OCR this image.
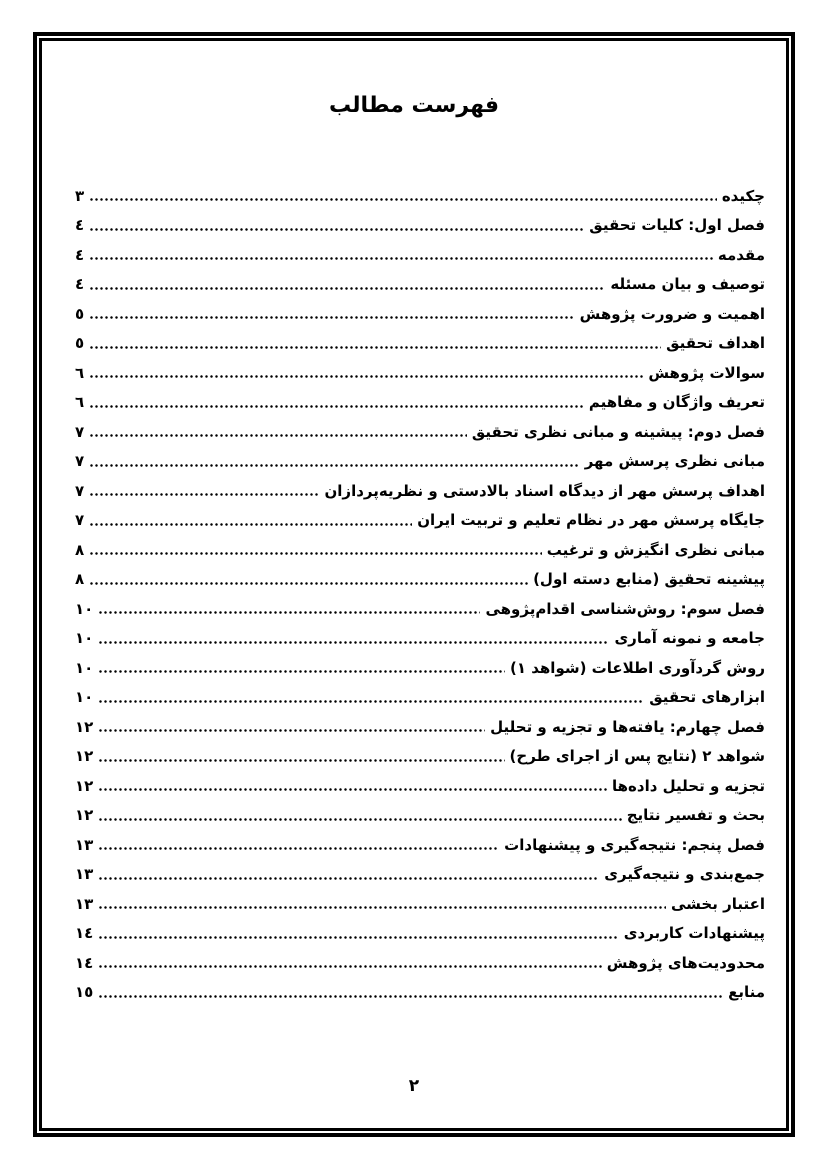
فهرست مطالب
چکیده
٣
فصل اول: کلیات تحقیق
٤
مقدمه
٤
توصیف و بیان مسئله
٤
اهمیت و ضرورت پژوهش
٥
اهداف تحقیق
٥
سوالات پژوهش
٦
تعریف واژگان و مفاهیم
٦
فصل دوم: پیشینه و مبانی نظری تحقیق
٧
مبانی نظری پرسش مهر
٧
اهداف پرسش مهر از دیدگاه اسناد بالادستی و نظریه‌پردازان
٧
جایگاه پرسش مهر در نظام تعلیم و تربیت ایران
٧
مبانی نظری انگیزش و ترغیب
٨
پیشینه تحقیق (منابع دسته اول)
٨
فصل سوم: روش‌شناسی اقدام‌پژوهی
١٠
جامعه و نمونه آماری
١٠
روش گردآوری اطلاعات (شواهد ١)
١٠
ابزارهای تحقیق
١٠
فصل چهارم: یافته‌ها و تجزیه و تحلیل
١٢
شواهد ٢ (نتایج پس از اجرای طرح)
١٢
تجزیه و تحلیل داده‌ها
١٢
بحث و تفسیر نتایج
١٢
فصل پنجم: نتیجه‌گیری و پیشنهادات
١٣
جمع‌بندی و نتیجه‌گیری
١٣
اعتبار بخشی
١٣
پیشنهادات کاربردی
١٤
محدودیت‌های پژوهش
١٤
منابع
١٥
٢
